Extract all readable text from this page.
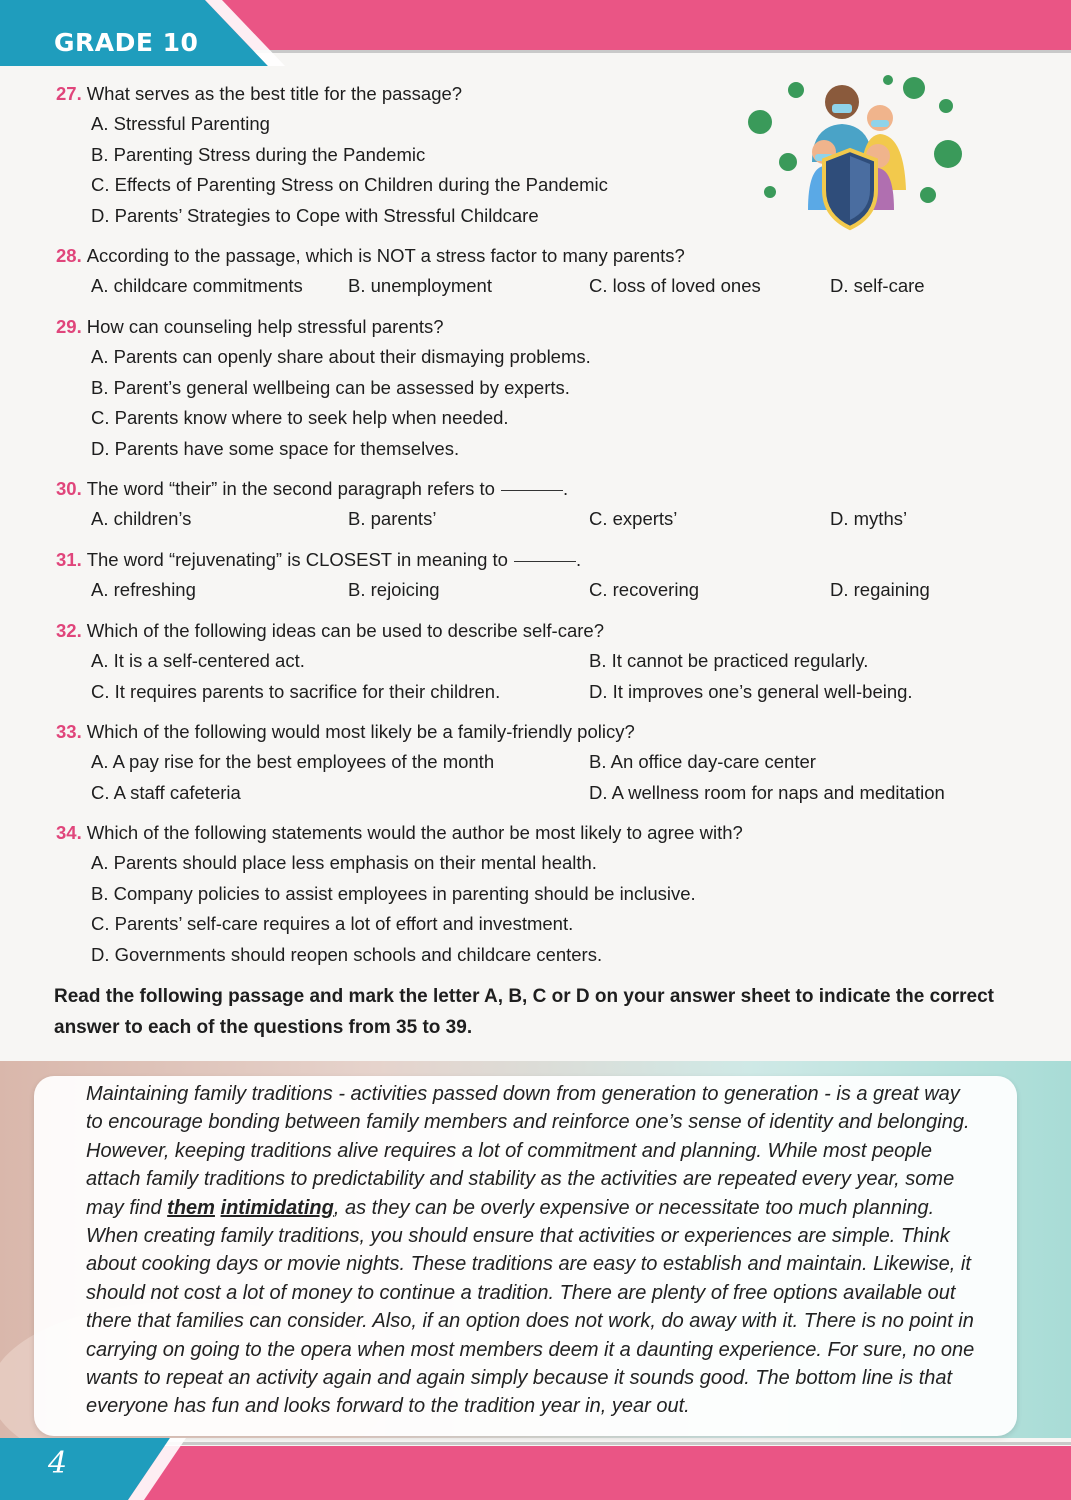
GRADE 10
27. What serves as the best title for the passage?
A. Stressful Parenting
B. Parenting Stress during the Pandemic
C. Effects of Parenting Stress on Children during the Pandemic
D. Parents’ Strategies to Cope with Stressful Childcare
28. According to the passage, which is NOT a stress factor to many parents?
A. childcare commitments	B. unemployment	C. loss of loved ones	D. self-care
29. How can counseling help stressful parents?
A. Parents can openly share about their dismaying problems.
B. Parent’s general wellbeing can be assessed by experts.
C. Parents know where to seek help when needed.
D. Parents have some space for themselves.
30. The word “their” in the second paragraph refers to	.
A. children’s	B. parents’	C. experts’	D. myths’
31. The word “rejuvenating” is CLOSEST in meaning to	.
A. refreshing	B. rejoicing	C. recovering	D. regaining
32. Which of the following ideas can be used to describe self-care?
A. It is a self-centered act.	B. It cannot be practiced regularly.
C. It requires parents to sacrifice for their children.	D. It improves one’s general well-being.
33. Which of the following would most likely be a family-friendly policy?
A. A pay rise for the best employees of the month	B. An office day-care center
C. A staff cafeteria	D. A wellness room for naps and meditation
34. Which of the following statements would the author be most likely to agree with?
A. Parents should place less emphasis on their mental health.
B. Company policies to assist employees in parenting should be inclusive.
C. Parents’ self-care requires a lot of effort and investment.
D. Governments should reopen schools and childcare centers.
Read the following passage and mark the letter A, B, C or D on your answer sheet to indicate the correct answer to each of the questions from 35 to 39.
Maintaining family traditions - activities passed down from generation to generation - is a great way
to encourage bonding between family members and reinforce one’s sense of identity and belonging.
However, keeping traditions alive requires a lot of commitment and planning. While most people
attach family traditions to predictability and stability as the activities are repeated every year, some
may find them intimidating, as they can be overly expensive or necessitate too much planning.
When creating family traditions, you should ensure that activities or experiences are simple. Think
about cooking days or movie nights. These traditions are easy to establish and maintain. Likewise, it
should not cost a lot of money to continue a tradition. There are plenty of free options available out
there that families can consider. Also, if an option does not work, do away with it. There is no point in
carrying on going to the opera when most members deem it a daunting experience. For sure, no one
wants to repeat an activity again and again simply because it sounds good. The bottom line is that
everyone has fun and looks forward to the tradition year in, year out.
4
